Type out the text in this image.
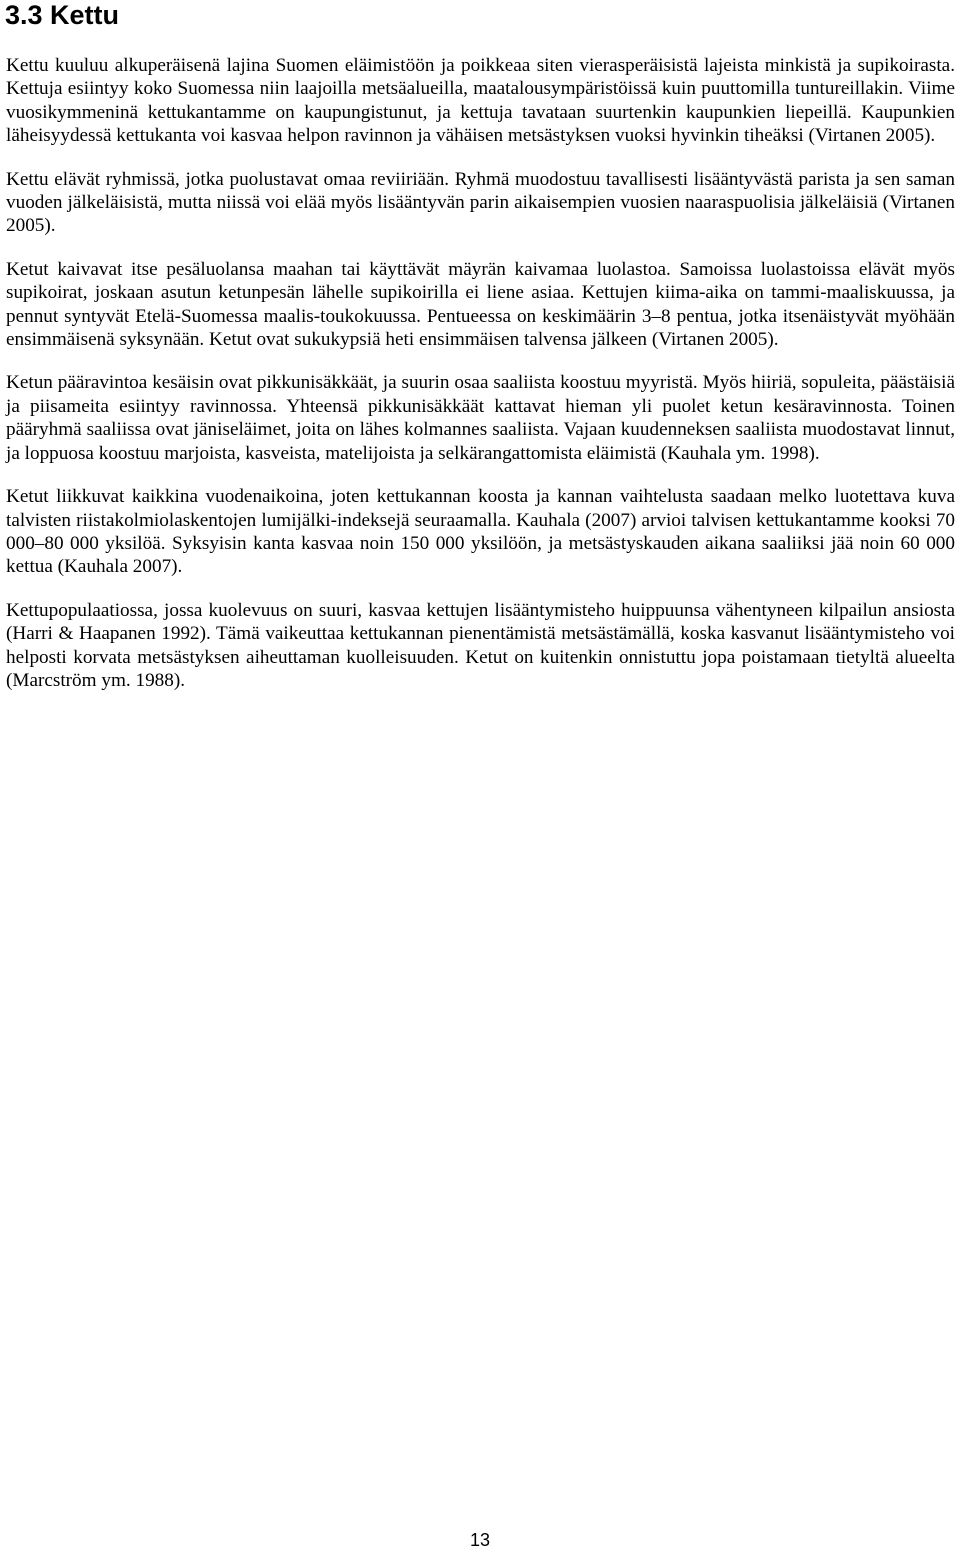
3.3 Kettu

Kettu kuuluu alkuperäisenä lajina Suomen eläimistöön ja poikkeaa siten vierasperäisistä lajeista minkistä ja supikoirasta. Kettuja esiintyy koko Suomessa niin laajoilla metsäalueilla, maatalousympäristöissä kuin puuttomilla tuntureillakin. Viime vuosikymmeninä kettukantamme on kaupungistunut, ja kettuja tavataan suurtenkin kaupunkien liepeillä. Kaupunkien läheisyydessä kettukanta voi kasvaa helpon ravinnon ja vähäisen metsästyksen vuoksi hyvinkin tiheäksi (Virtanen 2005).

Kettu elävät ryhmissä, jotka puolustavat omaa reviiriään. Ryhmä muodostuu tavallisesti lisääntyvästä parista ja sen saman vuoden jälkeläisistä, mutta niissä voi elää myös lisääntyvän parin aikaisempien vuosien naaraspuolisia jälkeläisiä (Virtanen 2005).

Ketut kaivavat itse pesäluolansa maahan tai käyttävät mäyrän kaivamaa luolastoa. Samoissa luolastoissa elävät myös supikoirat, joskaan asutun ketunpesän lähelle supikoirilla ei liene asiaa. Kettujen kiima-aika on tammi-maaliskuussa, ja pennut syntyvät Etelä-Suomessa maalis-toukokuussa. Pentueessa on keskimäärin 3–8 pentua, jotka itsenäistyvät myöhään ensimmäisenä syksynään. Ketut ovat sukukypsiä heti ensimmäisen talvensa jälkeen (Virtanen 2005).

Ketun pääravintoa kesäisin ovat pikkunisäkkäät, ja suurin osaa saaliista koostuu myyristä. Myös hiiriä, sopuleita, päästäisiä ja piisameita esiintyy ravinnossa. Yhteensä pikkunisäkkäät kattavat hieman yli puolet ketun kesäravinnosta. Toinen pääryhmä saaliissa ovat jäniseläimet, joita on lähes kolmannes saaliista. Vajaan kuudenneksen saaliista muodostavat linnut, ja loppuosa koostuu marjoista, kasveista, matelijoista ja selkärangattomista eläimistä (Kauhala ym. 1998).

Ketut liikkuvat kaikkina vuodenaikoina, joten kettukannan koosta ja kannan vaihtelusta saadaan melko luotettava kuva talvisten riistakolmiolaskentojen lumijälki-indeksejä seuraamalla. Kauhala (2007) arvioi talvisen kettukantamme kooksi 70 000–80 000 yksilöä. Syksyisin kanta kasvaa noin 150 000 yksilöön, ja metsästyskauden aikana saaliiksi jää noin 60 000 kettua (Kauhala 2007).

Kettupopulaatiossa, jossa kuolevuus on suuri, kasvaa kettujen lisääntymisteho huippuunsa vähentyneen kilpailun ansiosta (Harri & Haapanen 1992). Tämä vaikeuttaa kettukannan pienentämistä metsästämällä, koska kasvanut lisääntymisteho voi helposti korvata metsästyksen aiheuttaman kuolleisuuden. Ketut on kuitenkin onnistuttu jopa poistamaan tietyltä alueelta (Marcström ym. 1988).

13
